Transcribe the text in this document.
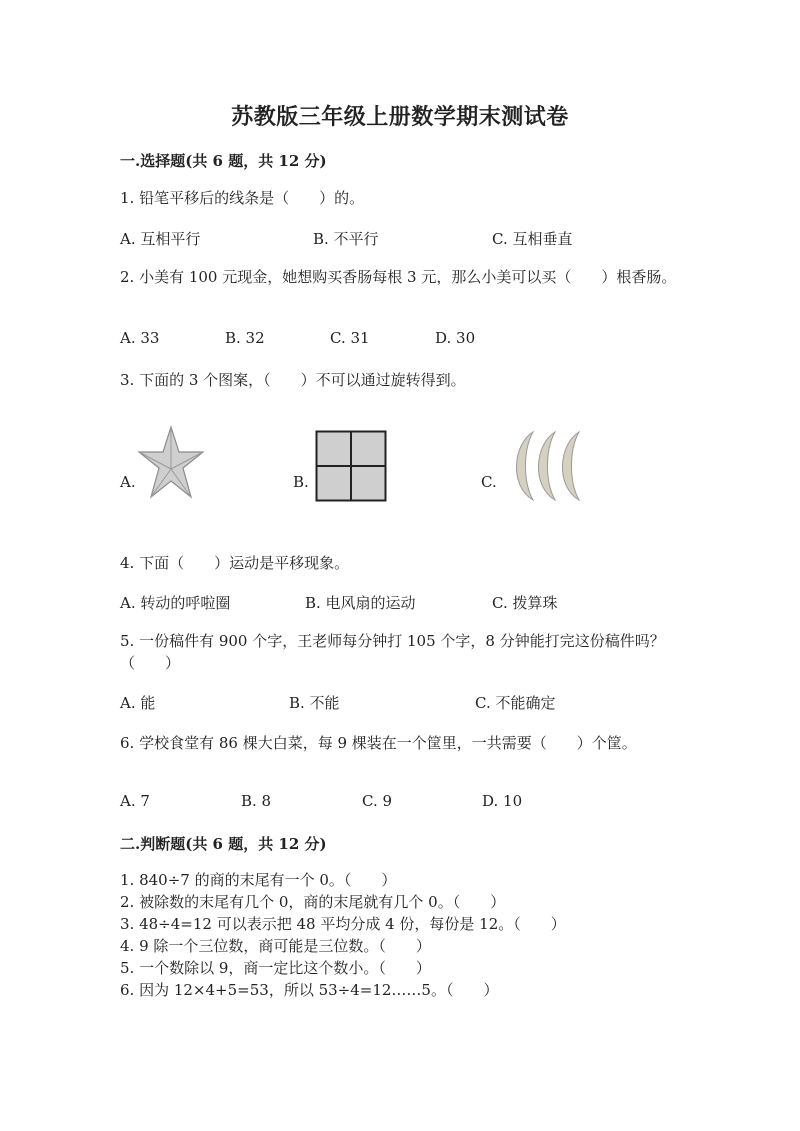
苏教版三年级上册数学期末测试卷
一.选择题(共 6 题，共 12 分)
1. 铅笔平移后的线条是（　　）的。
A. 互相平行	B. 不平行	C. 互相垂直
2. 小美有 100 元现金，她想购买香肠每根 3 元，那么小美可以买（　　）根香肠。
A. 33	B. 32	C. 31	D. 30
3. 下面的 3 个图案，（　　）不可以通过旋转得到。
A.	B.	C.
4. 下面（　　）运动是平移现象。
A. 转动的呼啦圈	B. 电风扇的运动	C. 拨算珠
5. 一份稿件有 900 个字，王老师每分钟打 105 个字，8 分钟能打完这份稿件吗？（　　）
A. 能	B. 不能	C. 不能确定
6. 学校食堂有 86 棵大白菜，每 9 棵装在一个筐里，一共需要（　　）个筐。
A. 7	B. 8	C. 9	D. 10
二.判断题(共 6 题，共 12 分)
1. 840÷7 的商的末尾有一个 0。（　　）
2. 被除数的末尾有几个 0，商的末尾就有几个 0。（　　）
3. 48÷4=12 可以表示把 48 平均分成 4 份，每份是 12。（　　）
4. 9 除一个三位数，商可能是三位数。（　　）
5. 一个数除以 9，商一定比这个数小。（　　）
6. 因为 12×4+5=53，所以 53÷4=12……5。（　　）
